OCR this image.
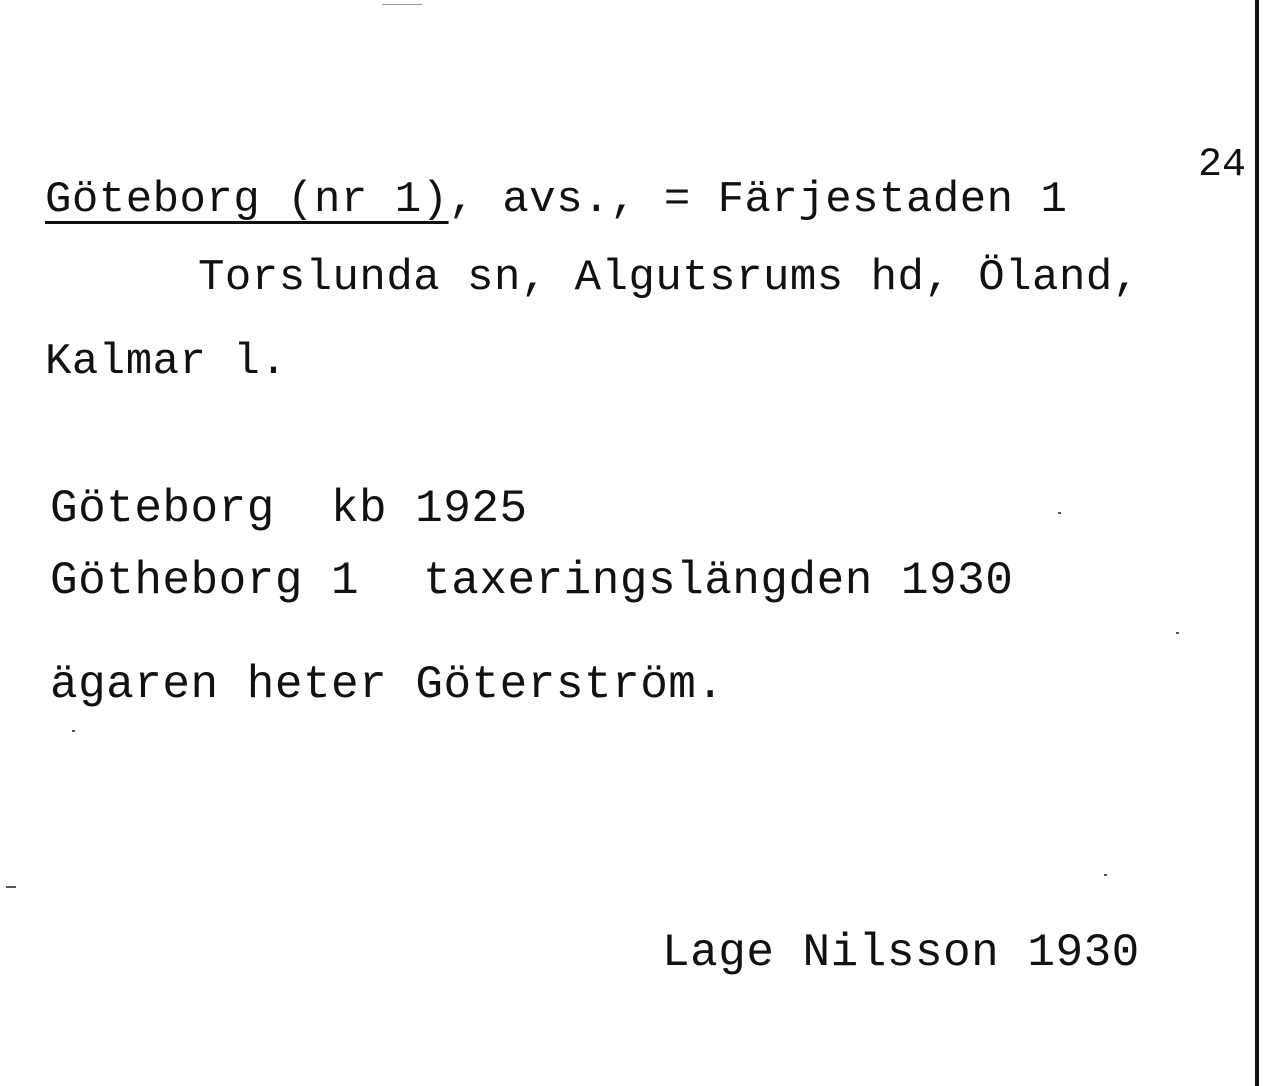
Göteborg (nr 1), avs., = Färjestaden 1
24
Torslunda sn, Algutsrums hd, Öland,
Kalmar l.
Göteborg kb 1925
Götheborg 1 taxeringslängden 1930
ägaren heter Göterström.
Lage Nilsson 1930
